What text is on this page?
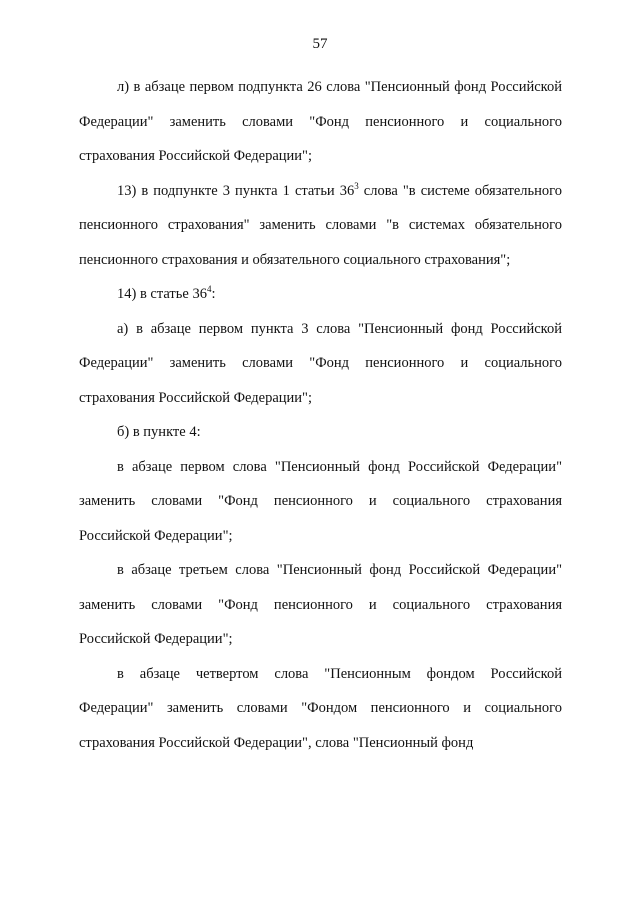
57

л) в абзаце первом подпункта 26 слова "Пенсионный фонд Российской Федерации" заменить словами "Фонд пенсионного и социального страхования Российской Федерации";

13) в подпункте 3 пункта 1 статьи $36^3$ слова "в системе обязательного пенсионного страхования" заменить словами "в системах обязательного пенсионного страхования и обязательного социального страхования";

14) в статье $36^4$:

а) в абзаце первом пункта 3 слова "Пенсионный фонд Российской Федерации" заменить словами "Фонд пенсионного и социального страхования Российской Федерации";

б) в пункте 4:

в абзаце первом слова "Пенсионный фонд Российской Федерации" заменить словами "Фонд пенсионного и социального страхования Российской Федерации";

в абзаце третьем слова "Пенсионный фонд Российской Федерации" заменить словами "Фонд пенсионного и социального страхования Российской Федерации";

в абзаце четвертом слова "Пенсионным фондом Российской Федерации" заменить словами "Фондом пенсионного и социального страхования Российской Федерации", слова "Пенсионный фонд
